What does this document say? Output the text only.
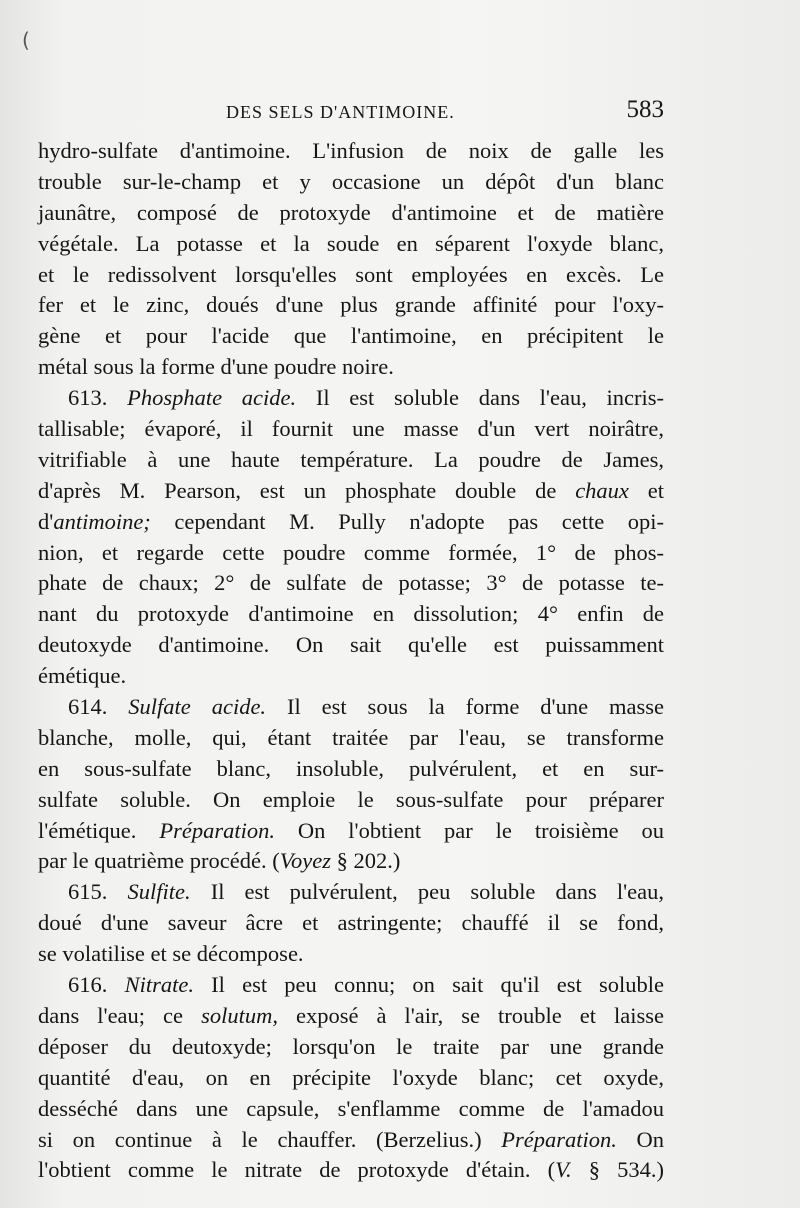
(
DES SELS D'ANTIMOINE.	583
hydro-sulfate d'antimoine. L'infusion de noix de galle les
trouble sur-le-champ et y occasione un dépôt d'un blanc
jaunâtre, composé de protoxyde d'antimoine et de matière
végétale. La potasse et la soude en séparent l'oxyde blanc,
et le redissolvent lorsqu'elles sont employées en excès. Le
fer et le zinc, doués d'une plus grande affinité pour l'oxy-
gène et pour l'acide que l'antimoine, en précipitent le
métal sous la forme d'une poudre noire.
613. Phosphate acide. Il est soluble dans l'eau, incris-
tallisable; évaporé, il fournit une masse d'un vert noirâtre,
vitrifiable à une haute température. La poudre de James,
d'après M. Pearson, est un phosphate double de chaux et
d'antimoine; cependant M. Pully n'adopte pas cette opi-
nion, et regarde cette poudre comme formée, 1° de phos-
phate de chaux; 2° de sulfate de potasse; 3° de potasse te-
nant du protoxyde d'antimoine en dissolution; 4° enfin de
deutoxyde d'antimoine. On sait qu'elle est puissamment
émétique.
614. Sulfate acide. Il est sous la forme d'une masse
blanche, molle, qui, étant traitée par l'eau, se transforme
en sous-sulfate blanc, insoluble, pulvérulent, et en sur-
sulfate soluble. On emploie le sous-sulfate pour préparer
l'émétique. Préparation. On l'obtient par le troisième ou
par le quatrième procédé. (Voyez § 202.)
615. Sulfite. Il est pulvérulent, peu soluble dans l'eau,
doué d'une saveur âcre et astringente; chauffé il se fond,
se volatilise et se décompose.
616. Nitrate. Il est peu connu; on sait qu'il est soluble
dans l'eau; ce solutum, exposé à l'air, se trouble et laisse
déposer du deutoxyde; lorsqu'on le traite par une grande
quantité d'eau, on en précipite l'oxyde blanc; cet oxyde,
desséché dans une capsule, s'enflamme comme de l'amadou
si on continue à le chauffer. (Berzelius.) Préparation. On
l'obtient comme le nitrate de protoxyde d'étain. (V. § 534.)
